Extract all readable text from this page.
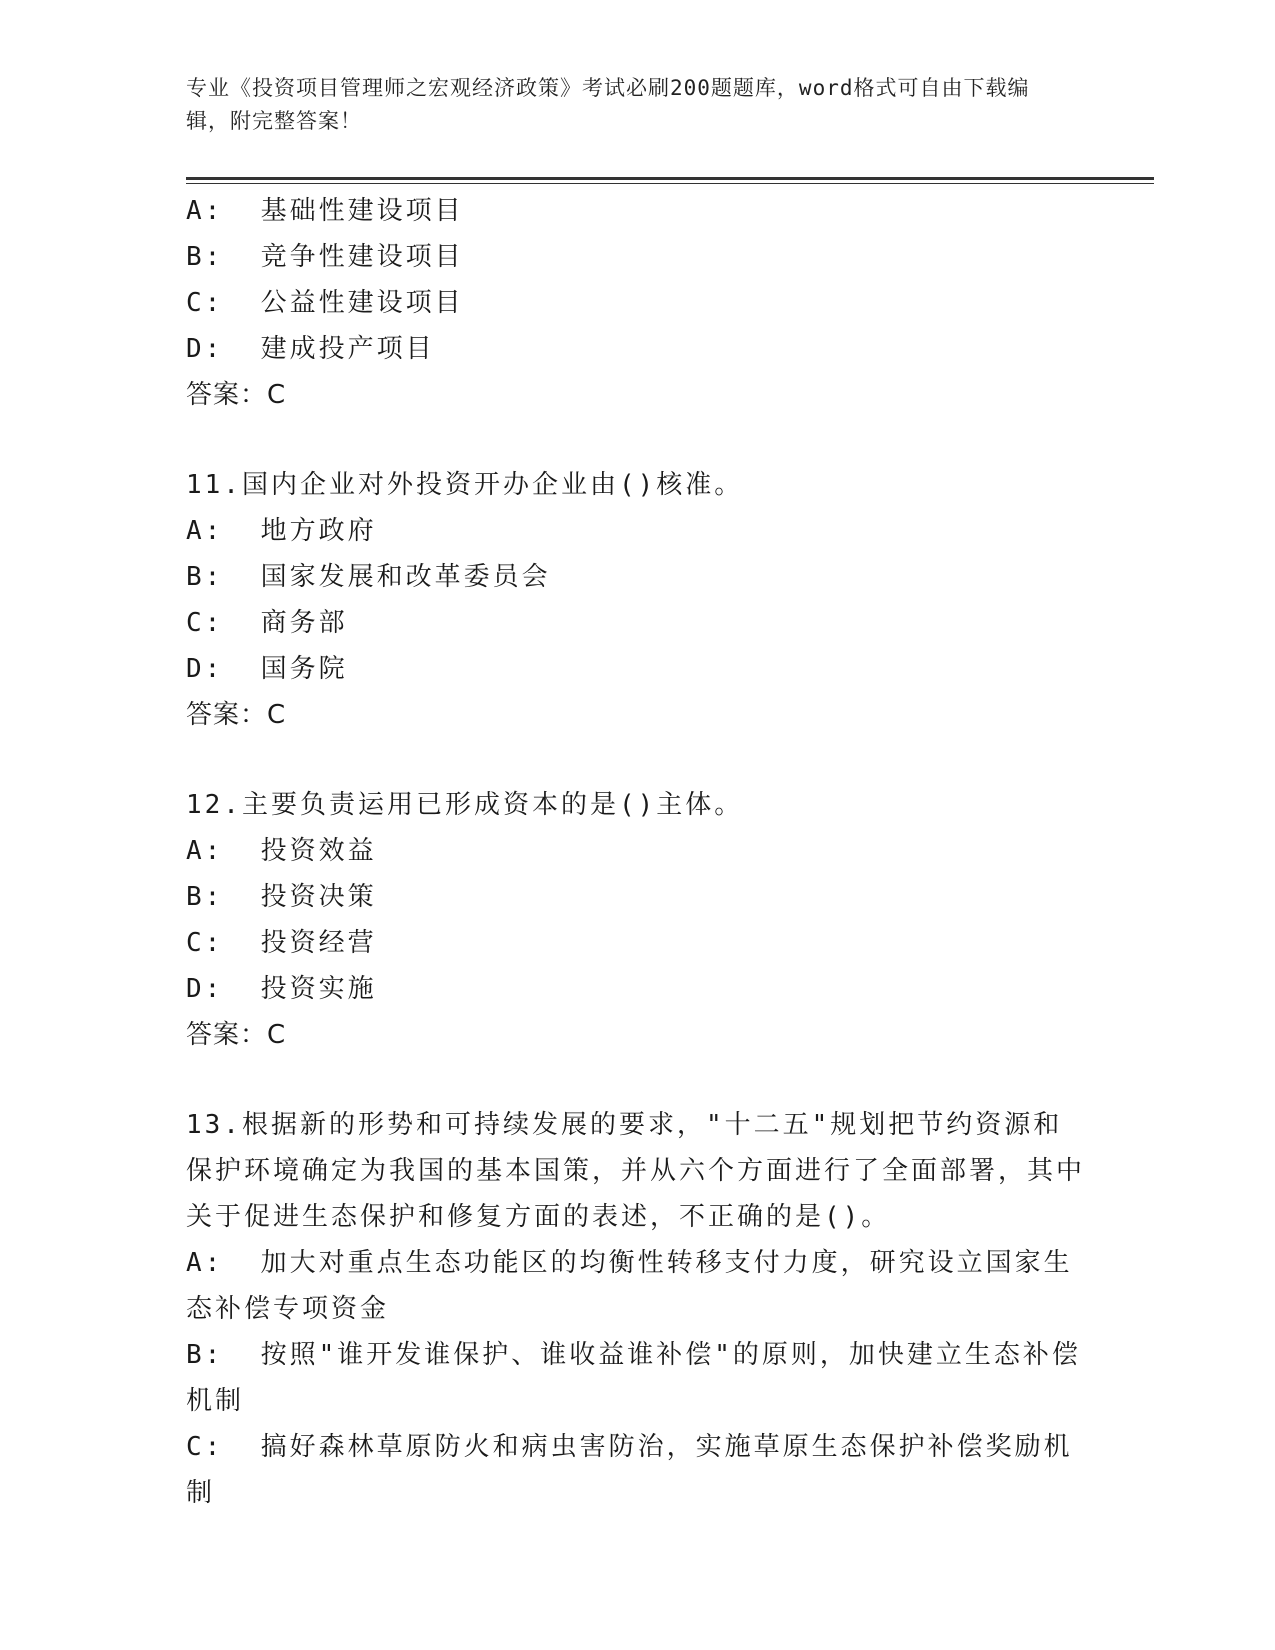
专业《投资项目管理师之宏观经济政策》考试必刷200题题库，word格式可自由下载编辑，附完整答案！
A:  基础性建设项目
B:  竞争性建设项目
C:  公益性建设项目
D:  建成投产项目
答案：C
11.国内企业对外投资开办企业由()核准。
A:  地方政府
B:  国家发展和改革委员会
C:  商务部
D:  国务院
答案：C
12.主要负责运用已形成资本的是()主体。
A:  投资效益
B:  投资决策
C:  投资经营
D:  投资实施
答案：C
13.根据新的形势和可持续发展的要求，"十二五"规划把节约资源和保护环境确定为我国的基本国策，并从六个方面进行了全面部署，其中关于促进生态保护和修复方面的表述，不正确的是()。
A:  加大对重点生态功能区的均衡性转移支付力度，研究设立国家生态补偿专项资金
B:  按照"谁开发谁保护、谁收益谁补偿"的原则，加快建立生态补偿机制
C:  搞好森林草原防火和病虫害防治，实施草原生态保护补偿奖励机制
